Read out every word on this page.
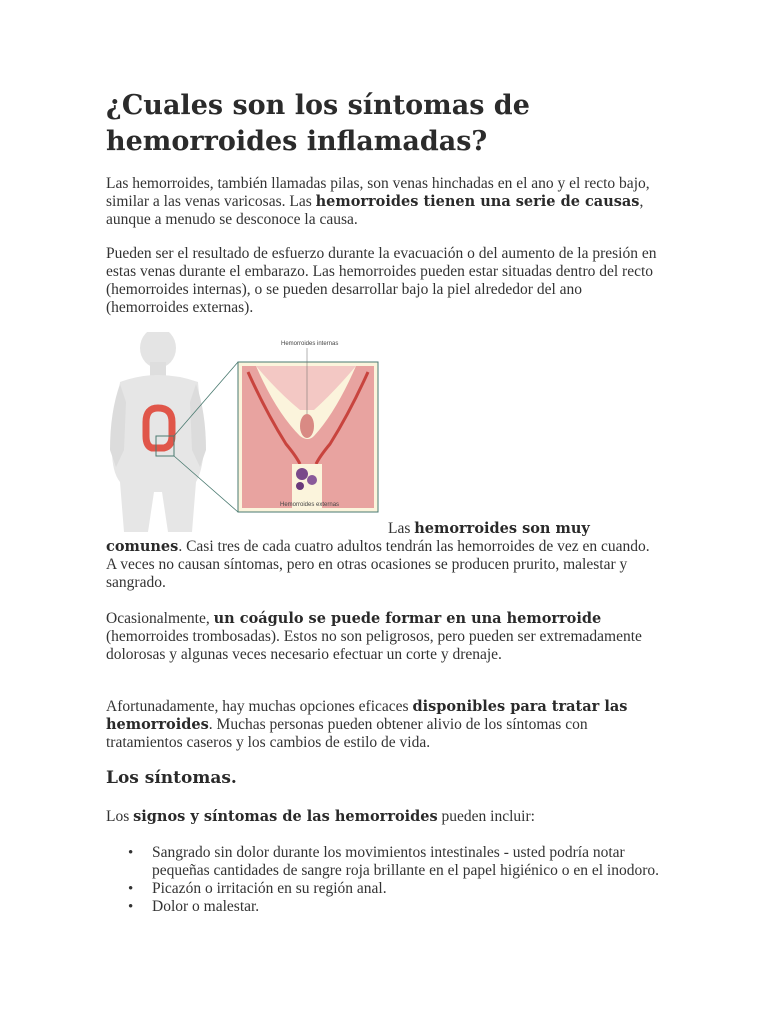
¿Cuales son los síntomas de hemorroides inflamadas?

Las hemorroides, también llamadas pilas, son venas hinchadas en el ano y el recto bajo, similar a las venas varicosas. Las hemorroides tienen una serie de causas, aunque a menudo se desconoce la causa.

Pueden ser el resultado de esfuerzo durante la evacuación o del aumento de la presión en estas venas durante el embarazo. Las hemorroides pueden estar situadas dentro del recto (hemorroides internas), o se pueden desarrollar bajo la piel alrededor del ano (hemorroides externas).

Hemorroides internas
Hemorroides externas

Las hemorroides son muy comunes. Casi tres de cada cuatro adultos tendrán las hemorroides de vez en cuando. A veces no causan síntomas, pero en otras ocasiones se producen prurito, malestar y sangrado.

Ocasionalmente, un coágulo se puede formar en una hemorroide (hemorroides trombosadas). Estos no son peligrosos, pero pueden ser extremadamente dolorosas y algunas veces necesario efectuar un corte y drenaje.

Afortunadamente, hay muchas opciones eficaces disponibles para tratar las hemorroides. Muchas personas pueden obtener alivio de los síntomas con tratamientos caseros y los cambios de estilo de vida.

Los síntomas.

Los signos y síntomas de las hemorroides pueden incluir:

• Sangrado sin dolor durante los movimientos intestinales - usted podría notar pequeñas cantidades de sangre roja brillante en el papel higiénico o en el inodoro.
• Picazón o irritación en su región anal.
• Dolor o malestar.
